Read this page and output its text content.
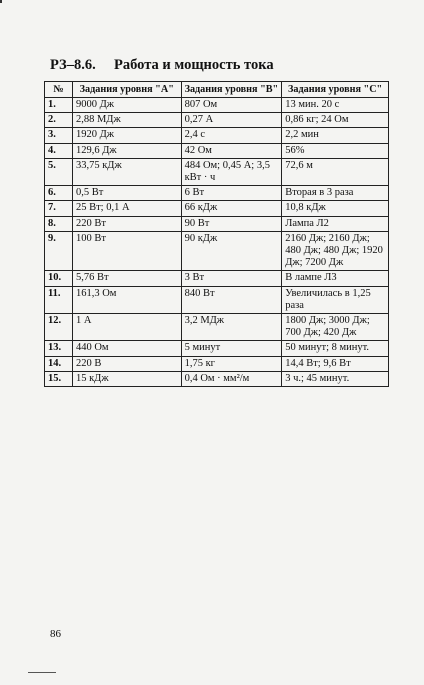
РЗ–8.6. Работа и мощность тока
№	Задания уровня "А"	Задания уровня "В"	Задания уровня "С"
1.	9000 Дж	807 Ом	13 мин. 20 с
2.	2,88 МДж	0,27 А	0,86 кг; 24 Ом
3.	1920 Дж	2,4 с	2,2 мин
4.	129,6 Дж	42 Ом	56%
5.	33,75 кДж	484 Ом; 0,45 А; 3,5 кВт · ч	72,6 м
6.	0,5 Вт	6 Вт	Вторая в 3 раза
7.	25 Вт; 0,1 А	66 кДж	10,8 кДж
8.	220 Вт	90 Вт	Лампа Л2
9.	100 Вт	90 кДж	2160 Дж; 2160 Дж; 480 Дж; 480 Дж; 1920 Дж; 7200 Дж
10.	5,76 Вт	3 Вт	В лампе Л3
11.	161,3 Ом	840 Вт	Увеличилась в 1,25 раза
12.	1 А	3,2 МДж	1800 Дж; 3000 Дж; 700 Дж; 420 Дж
13.	440 Ом	5 минут	50 минут; 8 минут.
14.	220 В	1,75 кг	14,4 Вт; 9,6 Вт
15.	15 кДж	0,4 Ом · мм²/м	3 ч.; 45 минут.
86
